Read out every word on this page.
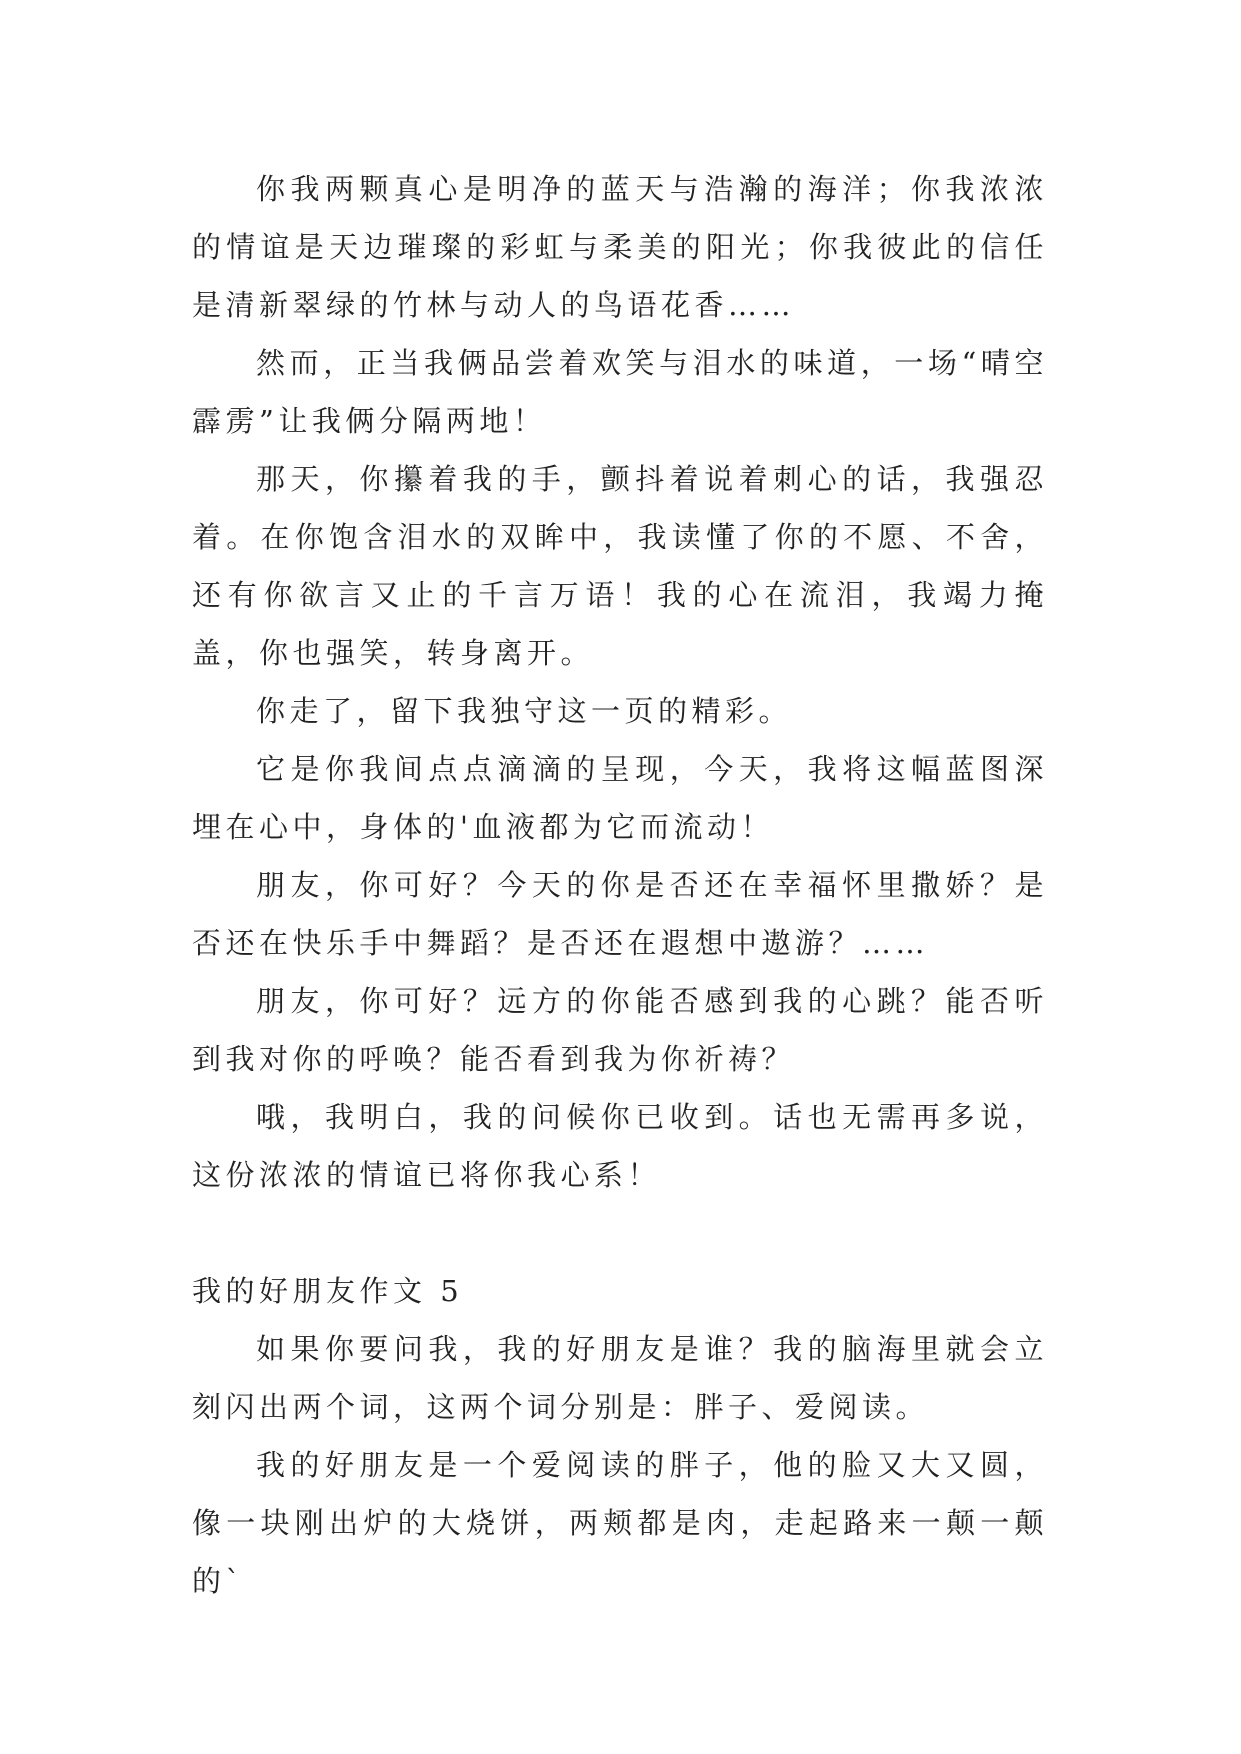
你我两颗真心是明净的蓝天与浩瀚的海洋；你我浓浓的情谊是天边璀璨的彩虹与柔美的阳光；你我彼此的信任是清新翠绿的竹林与动人的鸟语花香……

然而，正当我俩品尝着欢笑与泪水的味道，一场“晴空霹雳”让我俩分隔两地！

那天，你攥着我的手，颤抖着说着刺心的话，我强忍着。在你饱含泪水的双眸中，我读懂了你的不愿、不舍，还有你欲言又止的千言万语！我的心在流泪，我竭力掩盖，你也强笑，转身离开。

你走了，留下我独守这一页的精彩。

它是你我间点点滴滴的呈现，今天，我将这幅蓝图深埋在心中，身体的'血液都为它而流动！

朋友，你可好？今天的你是否还在幸福怀里撒娇？是否还在快乐手中舞蹈？是否还在遐想中遨游？……

朋友，你可好？远方的你能否感到我的心跳？能否听到我对你的呼唤？能否看到我为你祈祷？

哦，我明白，我的问候你已收到。话也无需再多说，这份浓浓的情谊已将你我心系！

我的好朋友作文 5

如果你要问我，我的好朋友是谁？我的脑海里就会立刻闪出两个词，这两个词分别是：胖子、爱阅读。

我的好朋友是一个爱阅读的胖子，他的脸又大又圆，像一块刚出炉的大烧饼，两颊都是肉，走起路来一颠一颠的`
